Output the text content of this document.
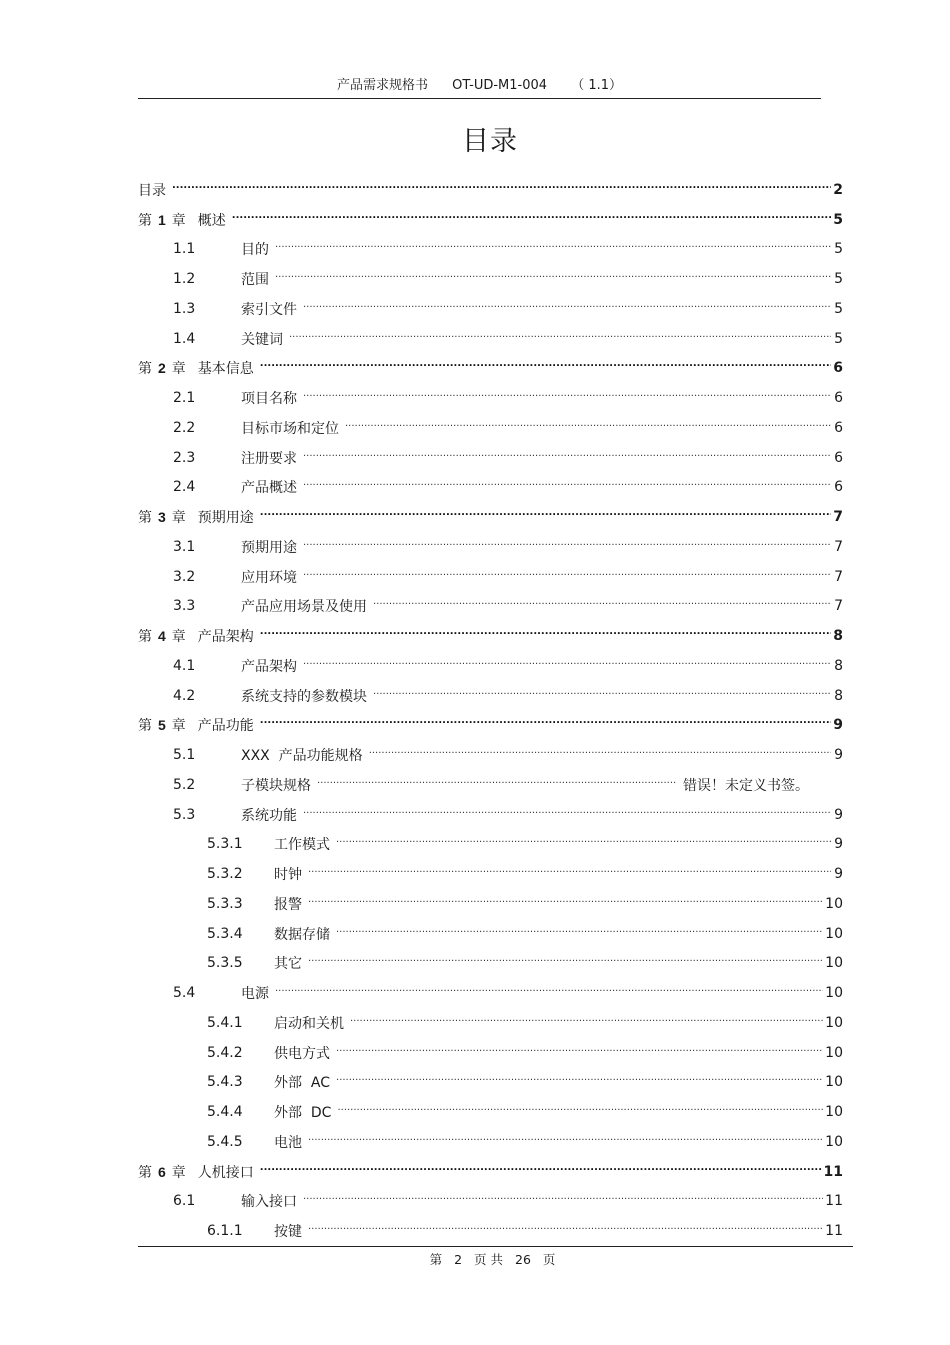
产品需求规格书 OT-UD-M1-004 （ 1.1）
目录
目录 .....	2
第 1 章 概述 .....	5
1.1	目的 .....	5
1.2	范围 .....	5
1.3	索引文件 .....	5
1.4	关键词 .....	5
第 2 章 基本信息 .....	6
2.1	项目名称 .....	6
2.2	目标市场和定位 .....	6
2.3	注册要求 .....	6
2.4	产品概述 .....	6
第 3 章 预期用途 .....	7
3.1	预期用途 .....	7
3.2	应用环境 .....	7
3.3	产品应用场景及使用 .....	7
第 4 章 产品架构 .....	8
4.1	产品架构 .....	8
4.2	系统支持的参数模块 .....	8
第 5 章 产品功能 .....	9
5.1	XXX  产品功能规格 .....	9
5.2	子模块规格 .....	错误！未定义书签。
5.3	系统功能 .....	9
5.3.1	工作模式 .....	9
5.3.2	时钟 .....	9
5.3.3	报警 .....	10
5.3.4	数据存储 .....	10
5.3.5	其它 .....	10
5.4	电源 .....	10
5.4.1	启动和关机 .....	10
5.4.2	供电方式 .....	10
5.4.3	外部  AC .....	10
5.4.4	外部  DC .....	10
5.4.5	电池 .....	10
第 6 章 人机接口 .....	11
6.1	输入接口 .....	11
6.1.1	按键 .....	11
第 2 页 共 26 页
